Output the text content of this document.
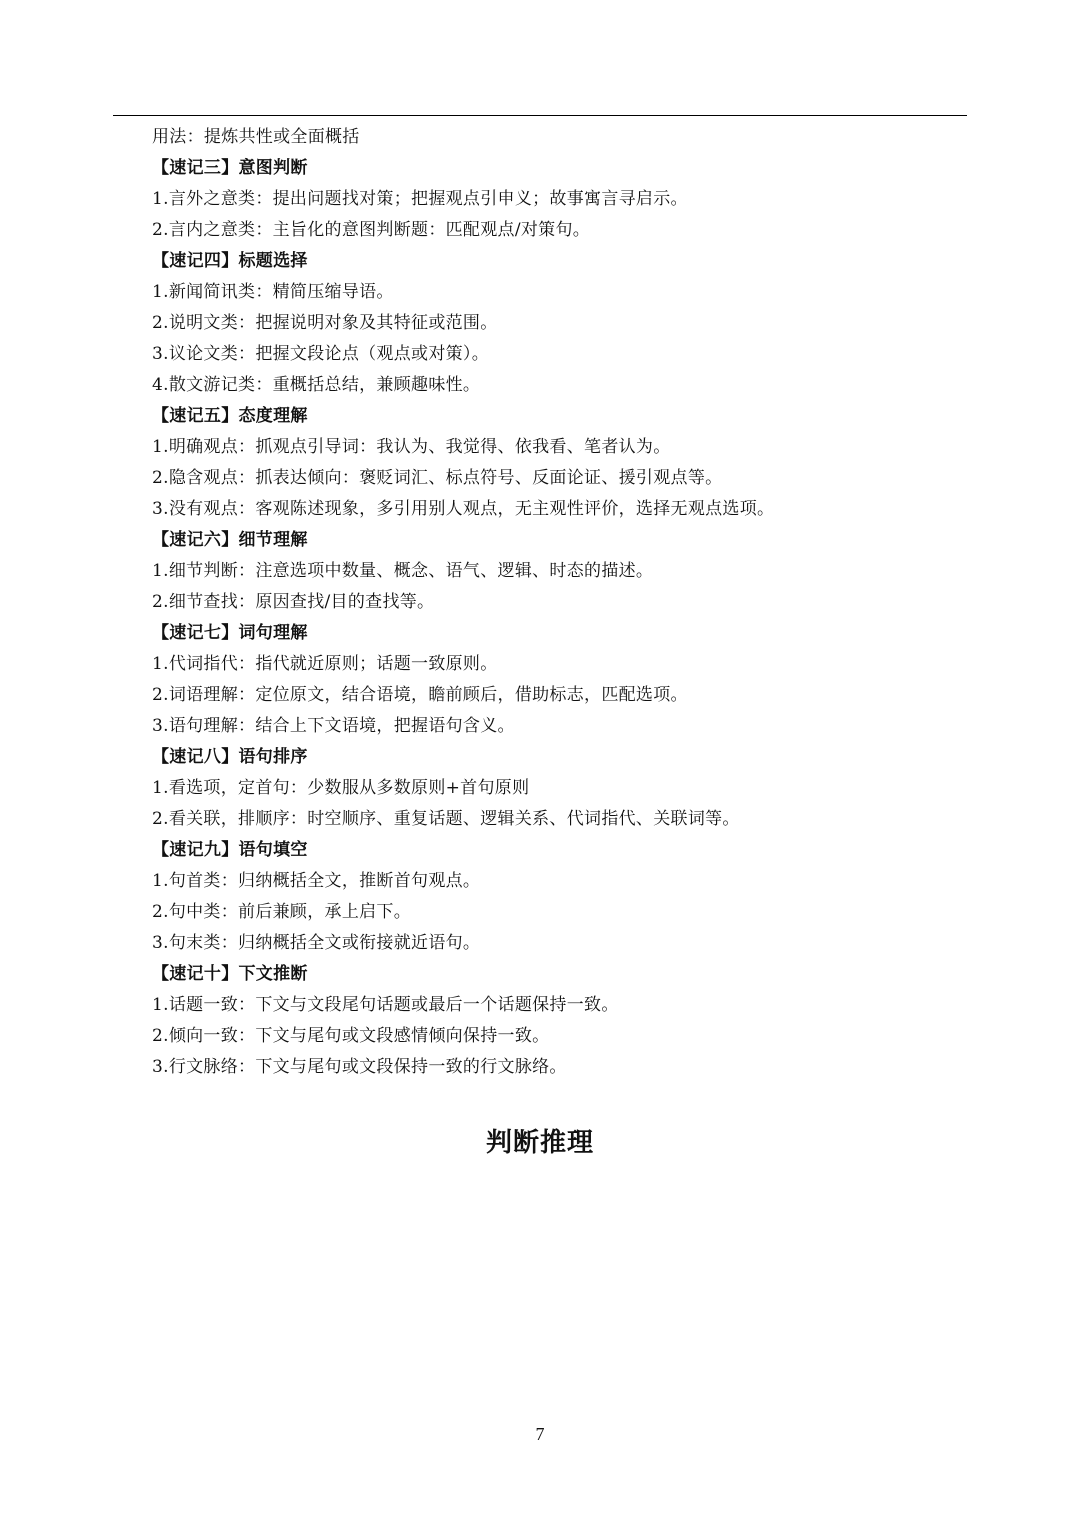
用法：提炼共性或全面概括
【速记三】意图判断
1.言外之意类：提出问题找对策；把握观点引申义；故事寓言寻启示。
2.言内之意类：主旨化的意图判断题：匹配观点/对策句。
【速记四】标题选择
1.新闻简讯类：精简压缩导语。
2.说明文类：把握说明对象及其特征或范围。
3.议论文类：把握文段论点（观点或对策）。
4.散文游记类：重概括总结，兼顾趣味性。
【速记五】态度理解
1.明确观点：抓观点引导词：我认为、我觉得、依我看、笔者认为。
2.隐含观点：抓表达倾向：褒贬词汇、标点符号、反面论证、援引观点等。
3.没有观点：客观陈述现象，多引用别人观点，无主观性评价，选择无观点选项。
【速记六】细节理解
1.细节判断：注意选项中数量、概念、语气、逻辑、时态的描述。
2.细节查找：原因查找/目的查找等。
【速记七】词句理解
1.代词指代：指代就近原则；话题一致原则。
2.词语理解：定位原文，结合语境，瞻前顾后，借助标志，匹配选项。
3.语句理解：结合上下文语境，把握语句含义。
【速记八】语句排序
1.看选项，定首句：少数服从多数原则+首句原则
2.看关联，排顺序：时空顺序、重复话题、逻辑关系、代词指代、关联词等。
【速记九】语句填空
1.句首类：归纳概括全文，推断首句观点。
2.句中类：前后兼顾，承上启下。
3.句末类：归纳概括全文或衔接就近语句。
【速记十】下文推断
1.话题一致：下文与文段尾句话题或最后一个话题保持一致。
2.倾向一致：下文与尾句或文段感情倾向保持一致。
3.行文脉络：下文与尾句或文段保持一致的行文脉络。
判断推理
7
